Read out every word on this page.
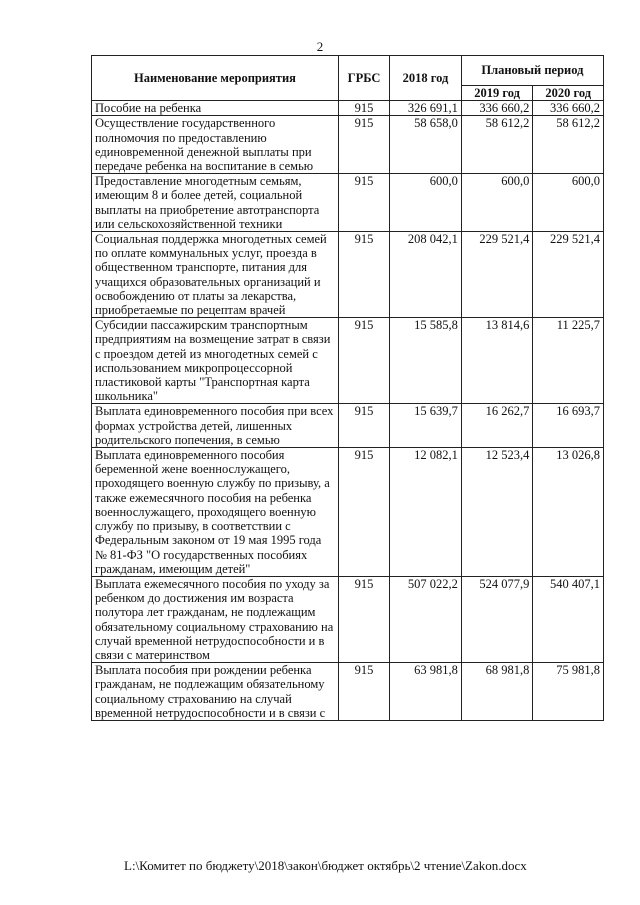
2
Наименование мероприятия	ГРБС	2018 год	Плановый период	
			2019 год	2020 год
Пособие на ребенка	915	326 691,1	336 660,2	336 660,2
Осуществление государственного полномочия по предоставлению единовременной денежной выплаты при передаче ребенка на воспитание в семью	915	58 658,0	58 612,2	58 612,2
Предоставление многодетным семьям, имеющим 8 и более детей, социальной выплаты на приобретение автотранспорта или сельскохозяйственной техники	915	600,0	600,0	600,0
Социальная поддержка многодетных семей по оплате коммунальных услуг, проезда в общественном транспорте, питания для учащихся образовательных организаций и освобождению от платы за лекарства, приобретаемые по рецептам врачей	915	208 042,1	229 521,4	229 521,4
Субсидии пассажирским транспортным предприятиям на возмещение затрат в связи с проездом детей из многодетных семей с использованием микропроцессорной пластиковой карты "Транспортная карта школьника"	915	15 585,8	13 814,6	11 225,7
Выплата единовременного пособия при всех формах устройства детей, лишенных родительского попечения, в семью	915	15 639,7	16 262,7	16 693,7
Выплата единовременного пособия беременной жене военнослужащего, проходящего военную службу по призыву, а также ежемесячного пособия на ребенка военнослужащего, проходящего военную службу по призыву, в соответствии с Федеральным законом от 19 мая 1995 года № 81-ФЗ "О государственных пособиях гражданам, имеющим детей"	915	12 082,1	12 523,4	13 026,8
Выплата ежемесячного пособия по уходу за ребенком до достижения им возраста полутора лет гражданам, не подлежащим обязательному социальному страхованию на случай временной нетрудоспособности и в связи с материнством	915	507 022,2	524 077,9	540 407,1
Выплата пособия при рождении ребенка гражданам, не подлежащим обязательному социальному страхованию на случай временной нетрудоспособности и в связи с	915	63 981,8	68 981,8	75 981,8
L:\Комитет по бюджету\2018\закон\бюджет октябрь\2 чтение\Zakon.docx
